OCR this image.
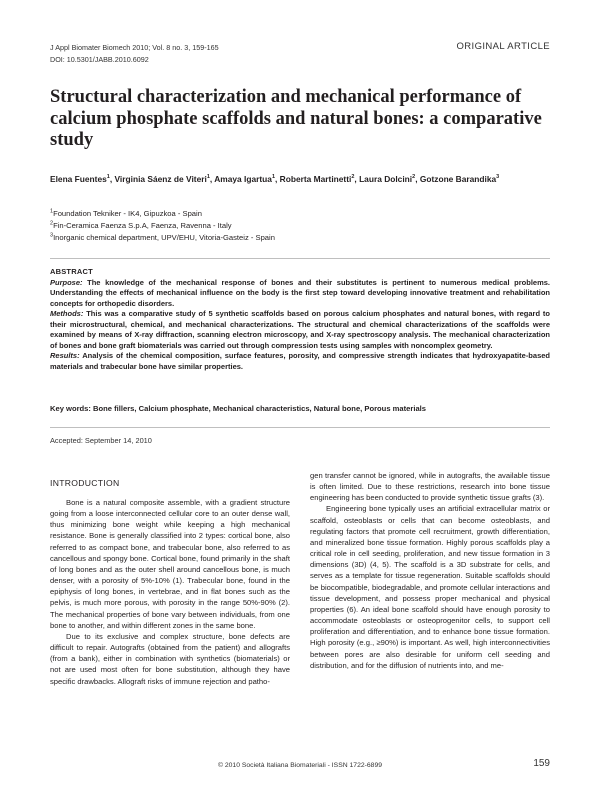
J Appl Biomater Biomech 2010; Vol. 8 no. 3, 159-165
DOI: 10.5301/JABB.2010.6092
ORIGINAL ARTICLE
Structural characterization and mechanical performance of calcium phosphate scaffolds and natural bones: a comparative study
Elena Fuentes$^1$, Virginia Sáenz de Viteri$^1$, Amaya Igartua$^1$, Roberta Martinetti$^2$, Laura Dolcini$^2$, Gotzone Barandika$^3$
$^1$Foundation Tekniker - IK4, Gipuzkoa - Spain
$^2$Fin-Ceramica Faenza S.p.A, Faenza, Ravenna - Italy
$^3$Inorganic chemical department, UPV/EHU, Vitoria-Gasteiz - Spain
ABSTRACT

Purpose: The knowledge of the mechanical response of bones and their substitutes is pertinent to numerous medical problems. Understanding the effects of mechanical influence on the body is the first step toward developing innovative treatment and rehabilitation concepts for orthopedic disorders.

Methods: This was a comparative study of 5 synthetic scaffolds based on porous calcium phosphates and natural bones, with regard to their microstructural, chemical, and mechanical characterizations. The structural and chemical characterizations of the scaffolds were examined by means of X-ray diffraction, scanning electron microscopy, and X-ray spectroscopy analysis. The mechanical characterization of bones and bone graft biomaterials was carried out through compression tests using samples with noncomplex geometry.

Results: Analysis of the chemical composition, surface features, porosity, and compressive strength indicates that hydroxyapatite-based materials and trabecular bone have similar properties.

Key words: Bone fillers, Calcium phosphate, Mechanical characteristics, Natural bone, Porous materials
Accepted: September 14, 2010
INTRODUCTION

Bone is a natural composite assemble, with a gradient structure going from a loose interconnected cellular core to an outer dense wall, thus minimizing bone weight while keeping a high mechanical resistance. Bone is generally classified into 2 types: cortical bone, also referred to as compact bone, and trabecular bone, also referred to as cancellous and spongy bone. Cortical bone, found primarily in the shaft of long bones and as the outer shell around cancellous bone, is much denser, with a porosity of 5%-10% (1). Trabecular bone, found in the epiphysis of long bones, in vertebrae, and in flat bones such as the pelvis, is much more porous, with porosity in the range 50%-90% (2). The mechanical properties of bone vary between individuals, from one bone to another, and within different zones in the same bone.

Due to its exclusive and complex structure, bone defects are difficult to repair. Autografts (obtained from the patient) and allografts (from a bank), either in combination with synthetics (biomaterials) or not are used most often for bone substitution, although they have specific drawbacks. Allograft risks of immune rejection and patho-

gen transfer cannot be ignored, while in autografts, the available tissue is often limited. Due to these restrictions, research into bone tissue engineering has been conducted to provide synthetic tissue grafts (3).

Engineering bone typically uses an artificial extracellular matrix or scaffold, osteoblasts or cells that can become osteoblasts, and regulating factors that promote cell recruitment, growth differentiation, and mineralized bone tissue formation. Highly porous scaffolds play a critical role in cell seeding, proliferation, and new tissue formation in 3 dimensions (3D) (4, 5). The scaffold is a 3D substrate for cells, and serves as a template for tissue regeneration. Suitable scaffolds should be biocompatible, biodegradable, and promote cellular interactions and tissue development, and possess proper mechanical and physical properties (6). An ideal bone scaffold should have enough porosity to accommodate osteoblasts or osteoprogenitor cells, to support cell proliferation and differentiation, and to enhance bone tissue formation. High porosity (e.g., ≥90%) is important. As well, high interconnectivities between pores are also desirable for uniform cell seeding and distribution, and for the diffusion of nutrients into, and me-

© 2010 Società Italiana Biomateriali - ISSN 1722-6899	159
